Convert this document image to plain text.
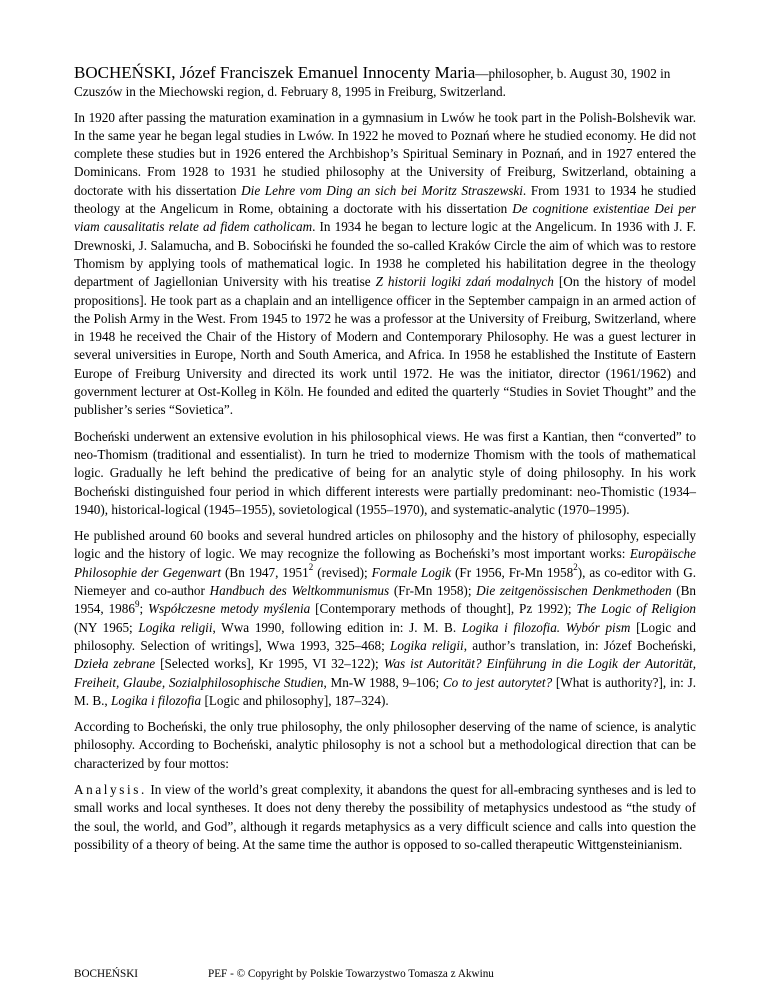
BOCHEŃSKI, Józef Franciszek Emanuel Innocenty Maria—philosopher, b. August 30, 1902 in Czuszów in the Miechowski region, d. February 8, 1995 in Freiburg, Switzerland.

In 1920 after passing the maturation examination in a gymnasium in Lwów he took part in the Polish-Bolshevik war. In the same year he began legal studies in Lwów. In 1922 he moved to Poznań where he studied economy. He did not complete these studies but in 1926 entered the Archbishop’s Spiritual Seminary in Poznań, and in 1927 entered the Dominicans. From 1928 to 1931 he studied philosophy at the University of Freiburg, Switzerland, obtaining a doctorate with his dissertation Die Lehre vom Ding an sich bei Moritz Straszewski. From 1931 to 1934 he studied theology at the Angelicum in Rome, obtaining a doctorate with his dissertation De cognitione existentiae Dei per viam causalitatis relate ad fidem catholicam. In 1934 he began to lecture logic at the Angelicum. In 1936 with J. F. Drewnoski, J. Salamucha, and B. Sobociński he founded the so-called Kraków Circle the aim of which was to restore Thomism by applying tools of mathematical logic. In 1938 he completed his habilitation degree in the theology department of Jagiellonian University with his treatise Z historii logiki zdań modalnych [On the history of model propositions]. He took part as a chaplain and an intelligence officer in the September campaign in an armed action of the Polish Army in the West. From 1945 to 1972 he was a professor at the University of Freiburg, Switzerland, where in 1948 he received the Chair of the History of Modern and Contemporary Philosophy. He was a guest lecturer in several universities in Europe, North and South America, and Africa. In 1958 he established the Institute of Eastern Europe of Freiburg University and directed its work until 1972. He was the initiator, director (1961/1962) and government lecturer at Ost-Kolleg in Köln. He founded and edited the quarterly “Studies in Soviet Thought” and the publisher’s series “Sovietica”.

Bocheński underwent an extensive evolution in his philosophical views. He was first a Kantian, then “converted” to neo-Thomism (traditional and essentialist). In turn he tried to modernize Thomism with the tools of mathematical logic. Gradually he left behind the predicative of being for an analytic style of doing philosophy. In his work Bocheński distinguished four period in which different interests were partially predominant: neo-Thomistic (1934–1940), historical-logical (1945–1955), sovietological (1955–1970), and systematic-analytic (1970–1995).

He published around 60 books and several hundred articles on philosophy and the history of philosophy, especially logic and the history of logic. We may recognize the following as Bocheński’s most important works: Europäische Philosophie der Gegenwart (Bn 1947, 1951$^2$ (revised); Formale Logik (Fr 1956, Fr-Mn 1958$^2$), as co-editor with G. Niemeyer and co-author Handbuch des Weltkommunismus (Fr-Mn 1958); Die zeitgenössischen Denkmethoden (Bn 1954, 1986$^9$; Współczesne metody myślenia [Contemporary methods of thought], Pz 1992); The Logic of Religion (NY 1965; Logika religii, Wwa 1990, following edition in: J. M. B. Logika i filozofia. Wybór pism [Logic and philosophy. Selection of writings], Wwa 1993, 325–468; Logika religii, author’s translation, in: Józef Bocheński, Dzieła zebrane [Selected works], Kr 1995, VI 32–122); Was ist Autorität? Einführung in die Logik der Autorität, Freiheit, Glaube, Sozialphilosophische Studien, Mn-W 1988, 9–106; Co to jest autorytet? [What is authority?], in: J. M. B., Logika i filozofia [Logic and philosophy], 187–324).

According to Bocheński, the only true philosophy, the only philosopher deserving of the name of science, is analytic philosophy. According to Bocheński, analytic philosophy is not a school but a methodological direction that can be characterized by four mottos:

Analysis. In view of the world’s great complexity, it abandons the quest for all-embracing syntheses and is led to small works and local syntheses. It does not deny thereby the possibility of metaphysics undestood as “the study of the soul, the world, and God”, although it regards metaphysics as a very difficult science and calls into question the possibility of a theory of being. At the same time the author is opposed to so-called therapeutic Wittgensteinianism.

BOCHEŃSKI	PEF - © Copyright by Polskie Towarzystwo Tomasza z Akwinu
